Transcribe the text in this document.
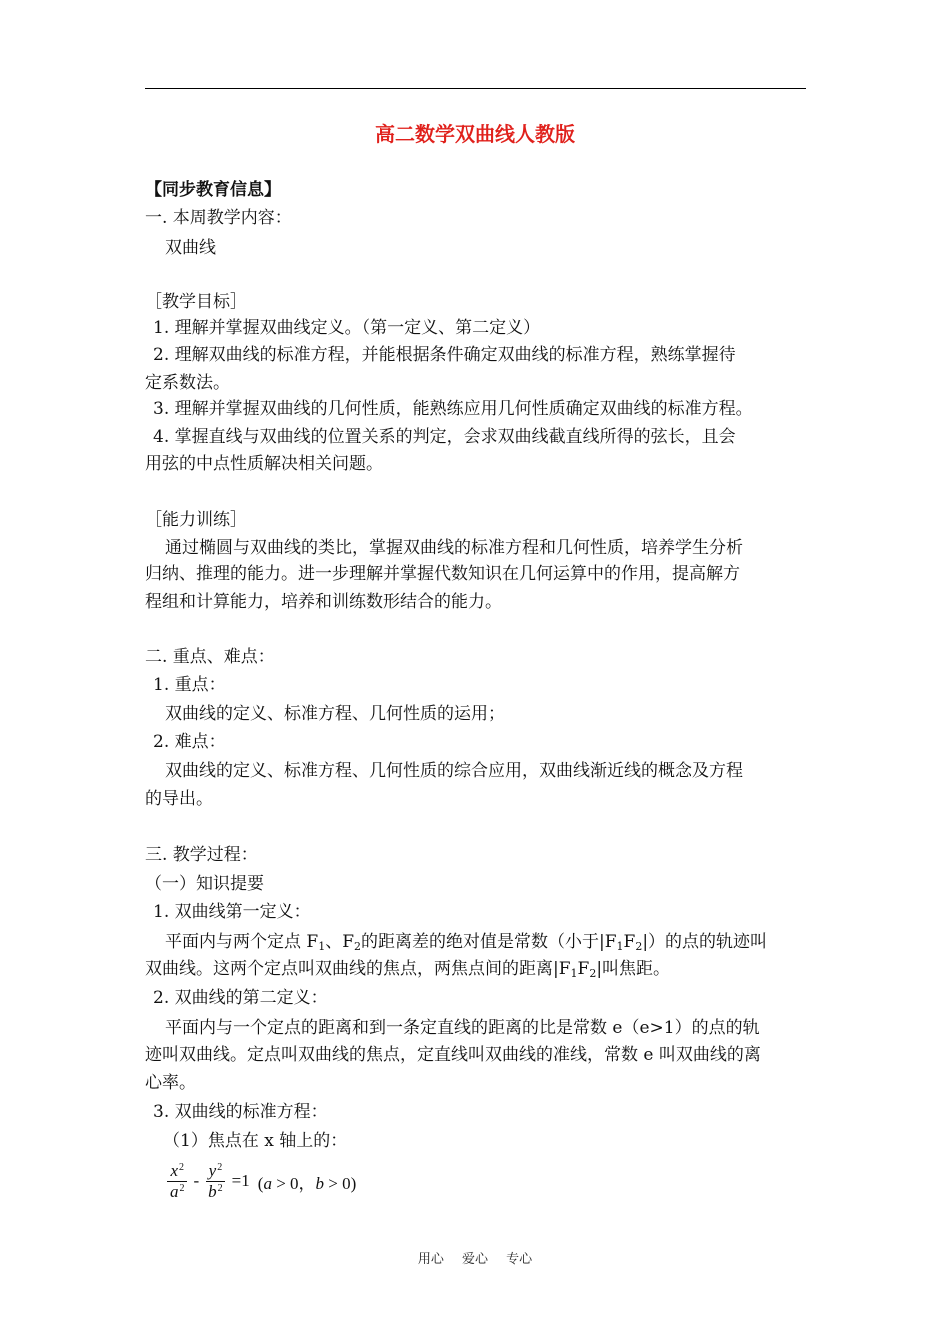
高二数学双曲线人教版
【同步教育信息】
一. 本周教学内容：
双曲线
［教学目标］
1. 理解并掌握双曲线定义。（第一定义、第二定义）
2. 理解双曲线的标准方程，并能根据条件确定双曲线的标准方程，熟练掌握待
定系数法。
3. 理解并掌握双曲线的几何性质，能熟练应用几何性质确定双曲线的标准方程。
4. 掌握直线与双曲线的位置关系的判定，会求双曲线截直线所得的弦长，且会
用弦的中点性质解决相关问题。
［能力训练］
通过椭圆与双曲线的类比，掌握双曲线的标准方程和几何性质，培养学生分析
归纳、推理的能力。进一步理解并掌握代数知识在几何运算中的作用，提高解方
程组和计算能力，培养和训练数形结合的能力。
二. 重点、难点：
1. 重点：
双曲线的定义、标准方程、几何性质的运用；
2. 难点：
双曲线的定义、标准方程、几何性质的综合应用，双曲线渐近线的概念及方程
的导出。
三. 教学过程：
（一）知识提要
1. 双曲线第一定义：
平面内与两个定点 $F_1$、$F_2$的距离差的绝对值是常数（小于$|F_1F_2|$）的点的轨迹叫
双曲线。这两个定点叫双曲线的焦点，两焦点间的距离$|F_1F_2|$叫焦距。
2. 双曲线的第二定义：
平面内与一个定点的距离和到一条定直线的距离的比是常数 e（e>1）的点的轨
迹叫双曲线。定点叫双曲线的焦点，定直线叫双曲线的准线，常数 e 叫双曲线的离
心率。
3. 双曲线的标准方程：
（1）焦点在 x 轴上的：
$\frac{x^2}{a^2} - \frac{y^2}{b^2} =1$ (a > 0，b > 0)
用心 爱心 专心
